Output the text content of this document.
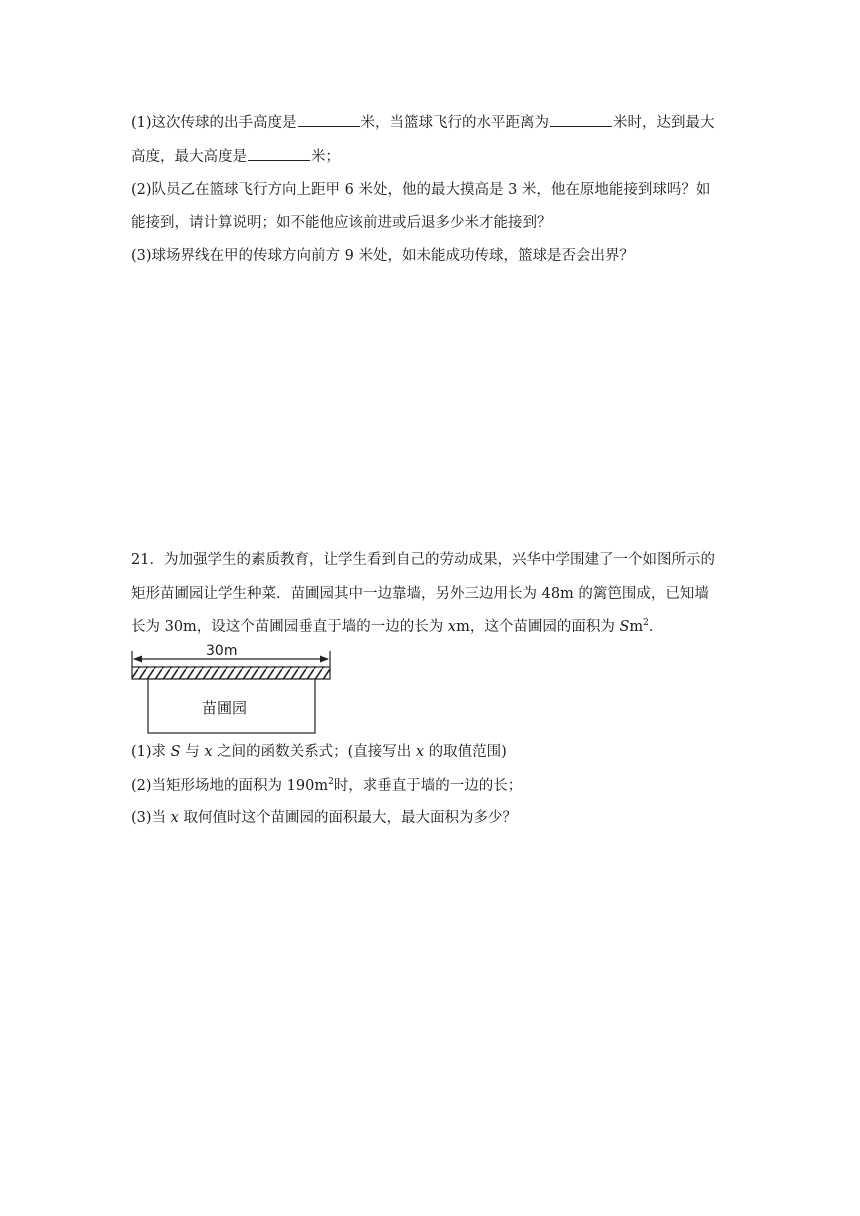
(1)这次传球的出手高度是	米，当篮球飞行的水平距离为	米时，达到最大
高度，最大高度是	米；
(2)队员乙在篮球飞行方向上距甲 6 米处，他的最大摸高是 3 米，他在原地能接到球吗？如
能接到，请计算说明；如不能他应该前进或后退多少米才能接到？
(3)球场界线在甲的传球方向前方 9 米处，如未能成功传球，篮球是否会出界？
21．为加强学生的素质教育，让学生看到自己的劳动成果，兴华中学围建了一个如图所示的
矩形苗圃园让学生种菜．苗圃园其中一边靠墙，另外三边用长为 48m 的篱笆围成，已知墙
长为 30m，设这个苗圃园垂直于墙的一边的长为 xm，这个苗圃园的面积为 Sm$^2$．
30m
苗圃园
(1)求 S 与 x 之间的函数关系式；(直接写出 x 的取值范围)
(2)当矩形场地的面积为 $190m^2$时，求垂直于墙的一边的长；
(3)当 x 取何值时这个苗圃园的面积最大，最大面积为多少？
